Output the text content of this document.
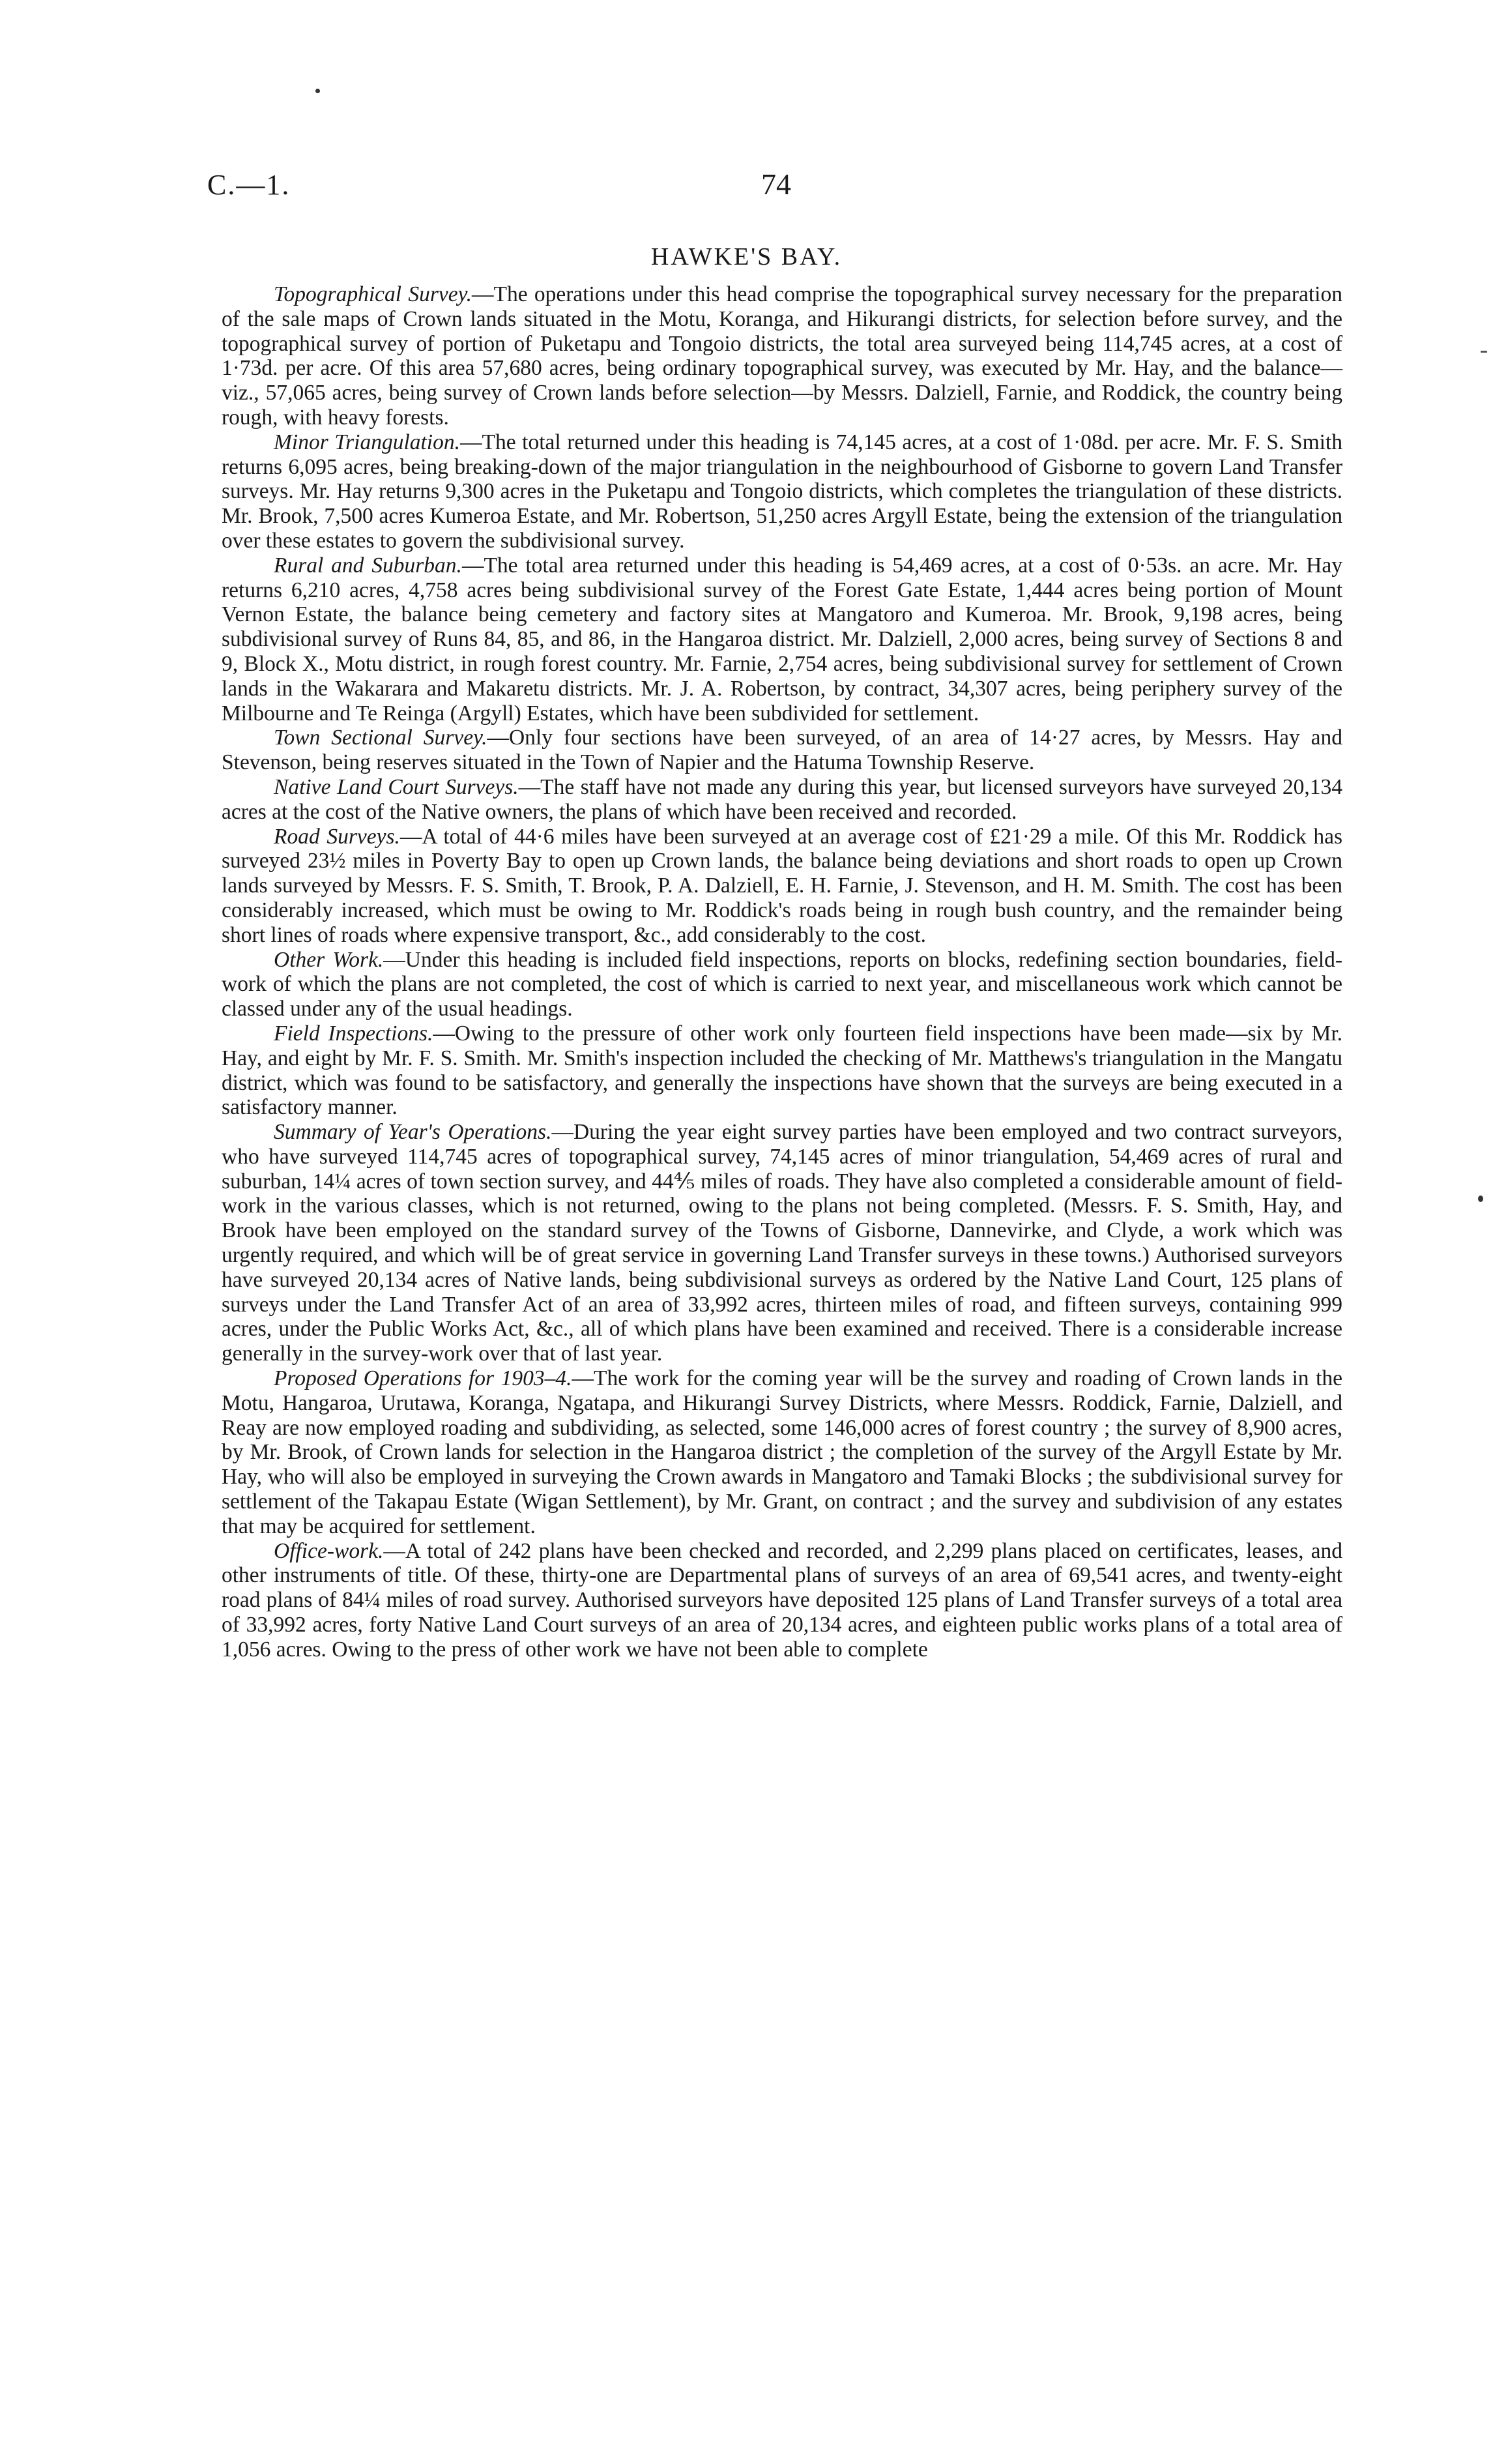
C.—1.	74
HAWKE'S BAY.

Topographical Survey.—The operations under this head comprise the topographical survey necessary for the preparation of the sale maps of Crown lands situated in the Motu, Koranga, and Hikurangi districts, for selection before survey, and the topographical survey of portion of Puketapu and Tongoio districts, the total area surveyed being 114,745 acres, at a cost of 1·73d. per acre. Of this area 57,680 acres, being ordinary topographical survey, was executed by Mr. Hay, and the balance—viz., 57,065 acres, being survey of Crown lands before selection—by Messrs. Dalziell, Farnie, and Roddick, the country being rough, with heavy forests.

Minor Triangulation.—The total returned under this heading is 74,145 acres, at a cost of 1·08d. per acre. Mr. F. S. Smith returns 6,095 acres, being breaking-down of the major triangulation in the neighbourhood of Gisborne to govern Land Transfer surveys. Mr. Hay returns 9,300 acres in the Puketapu and Tongoio districts, which completes the triangulation of these districts. Mr. Brook, 7,500 acres Kumeroa Estate, and Mr. Robertson, 51,250 acres Argyll Estate, being the extension of the triangulation over these estates to govern the subdivisional survey.

Rural and Suburban.—The total area returned under this heading is 54,469 acres, at a cost of 0·53s. an acre. Mr. Hay returns 6,210 acres, 4,758 acres being subdivisional survey of the Forest Gate Estate, 1,444 acres being portion of Mount Vernon Estate, the balance being cemetery and factory sites at Mangatoro and Kumeroa. Mr. Brook, 9,198 acres, being subdivisional survey of Runs 84, 85, and 86, in the Hangaroa district. Mr. Dalziell, 2,000 acres, being survey of Sections 8 and 9, Block X., Motu district, in rough forest country. Mr. Farnie, 2,754 acres, being subdivisional survey for settlement of Crown lands in the Wakarara and Makaretu districts. Mr. J. A. Robertson, by contract, 34,307 acres, being periphery survey of the Milbourne and Te Reinga (Argyll) Estates, which have been subdivided for settlement.

Town Sectional Survey.—Only four sections have been surveyed, of an area of 14·27 acres, by Messrs. Hay and Stevenson, being reserves situated in the Town of Napier and the Hatuma Township Reserve.

Native Land Court Surveys.—The staff have not made any during this year, but licensed surveyors have surveyed 20,134 acres at the cost of the Native owners, the plans of which have been received and recorded.

Road Surveys.—A total of 44·6 miles have been surveyed at an average cost of £21·29 a mile. Of this Mr. Roddick has surveyed 23½ miles in Poverty Bay to open up Crown lands, the balance being deviations and short roads to open up Crown lands surveyed by Messrs. F. S. Smith, T. Brook, P. A. Dalziell, E. H. Farnie, J. Stevenson, and H. M. Smith. The cost has been considerably increased, which must be owing to Mr. Roddick's roads being in rough bush country, and the remainder being short lines of roads where expensive transport, &c., add considerably to the cost.

Other Work.—Under this heading is included field inspections, reports on blocks, redefining section boundaries, field-work of which the plans are not completed, the cost of which is carried to next year, and miscellaneous work which cannot be classed under any of the usual headings.

Field Inspections.—Owing to the pressure of other work only fourteen field inspections have been made—six by Mr. Hay, and eight by Mr. F. S. Smith. Mr. Smith's inspection included the checking of Mr. Matthews's triangulation in the Mangatu district, which was found to be satisfactory, and generally the inspections have shown that the surveys are being executed in a satisfactory manner.

Summary of Year's Operations.—During the year eight survey parties have been employed and two contract surveyors, who have surveyed 114,745 acres of topographical survey, 74,145 acres of minor triangulation, 54,469 acres of rural and suburban, 14¼ acres of town section survey, and 44⅘ miles of roads. They have also completed a considerable amount of field-work in the various classes, which is not returned, owing to the plans not being completed. (Messrs. F. S. Smith, Hay, and Brook have been employed on the standard survey of the Towns of Gisborne, Dannevirke, and Clyde, a work which was urgently required, and which will be of great service in governing Land Transfer surveys in these towns.) Authorised surveyors have surveyed 20,134 acres of Native lands, being subdivisional surveys as ordered by the Native Land Court, 125 plans of surveys under the Land Transfer Act of an area of 33,992 acres, thirteen miles of road, and fifteen surveys, containing 999 acres, under the Public Works Act, &c., all of which plans have been examined and received. There is a considerable increase generally in the survey-work over that of last year.

Proposed Operations for 1903–4.—The work for the coming year will be the survey and roading of Crown lands in the Motu, Hangaroa, Urutawa, Koranga, Ngatapa, and Hikurangi Survey Districts, where Messrs. Roddick, Farnie, Dalziell, and Reay are now employed roading and subdividing, as selected, some 146,000 acres of forest country ; the survey of 8,900 acres, by Mr. Brook, of Crown lands for selection in the Hangaroa district ; the completion of the survey of the Argyll Estate by Mr. Hay, who will also be employed in surveying the Crown awards in Mangatoro and Tamaki Blocks ; the subdivisional survey for settlement of the Takapau Estate (Wigan Settlement), by Mr. Grant, on contract ; and the survey and subdivision of any estates that may be acquired for settlement.

Office-work.—A total of 242 plans have been checked and recorded, and 2,299 plans placed on certificates, leases, and other instruments of title. Of these, thirty-one are Departmental plans of surveys of an area of 69,541 acres, and twenty-eight road plans of 84¼ miles of road survey. Authorised surveyors have deposited 125 plans of Land Transfer surveys of a total area of 33,992 acres, forty Native Land Court surveys of an area of 20,134 acres, and eighteen public works plans of a total area of 1,056 acres. Owing to the press of other work we have not been able to complete
